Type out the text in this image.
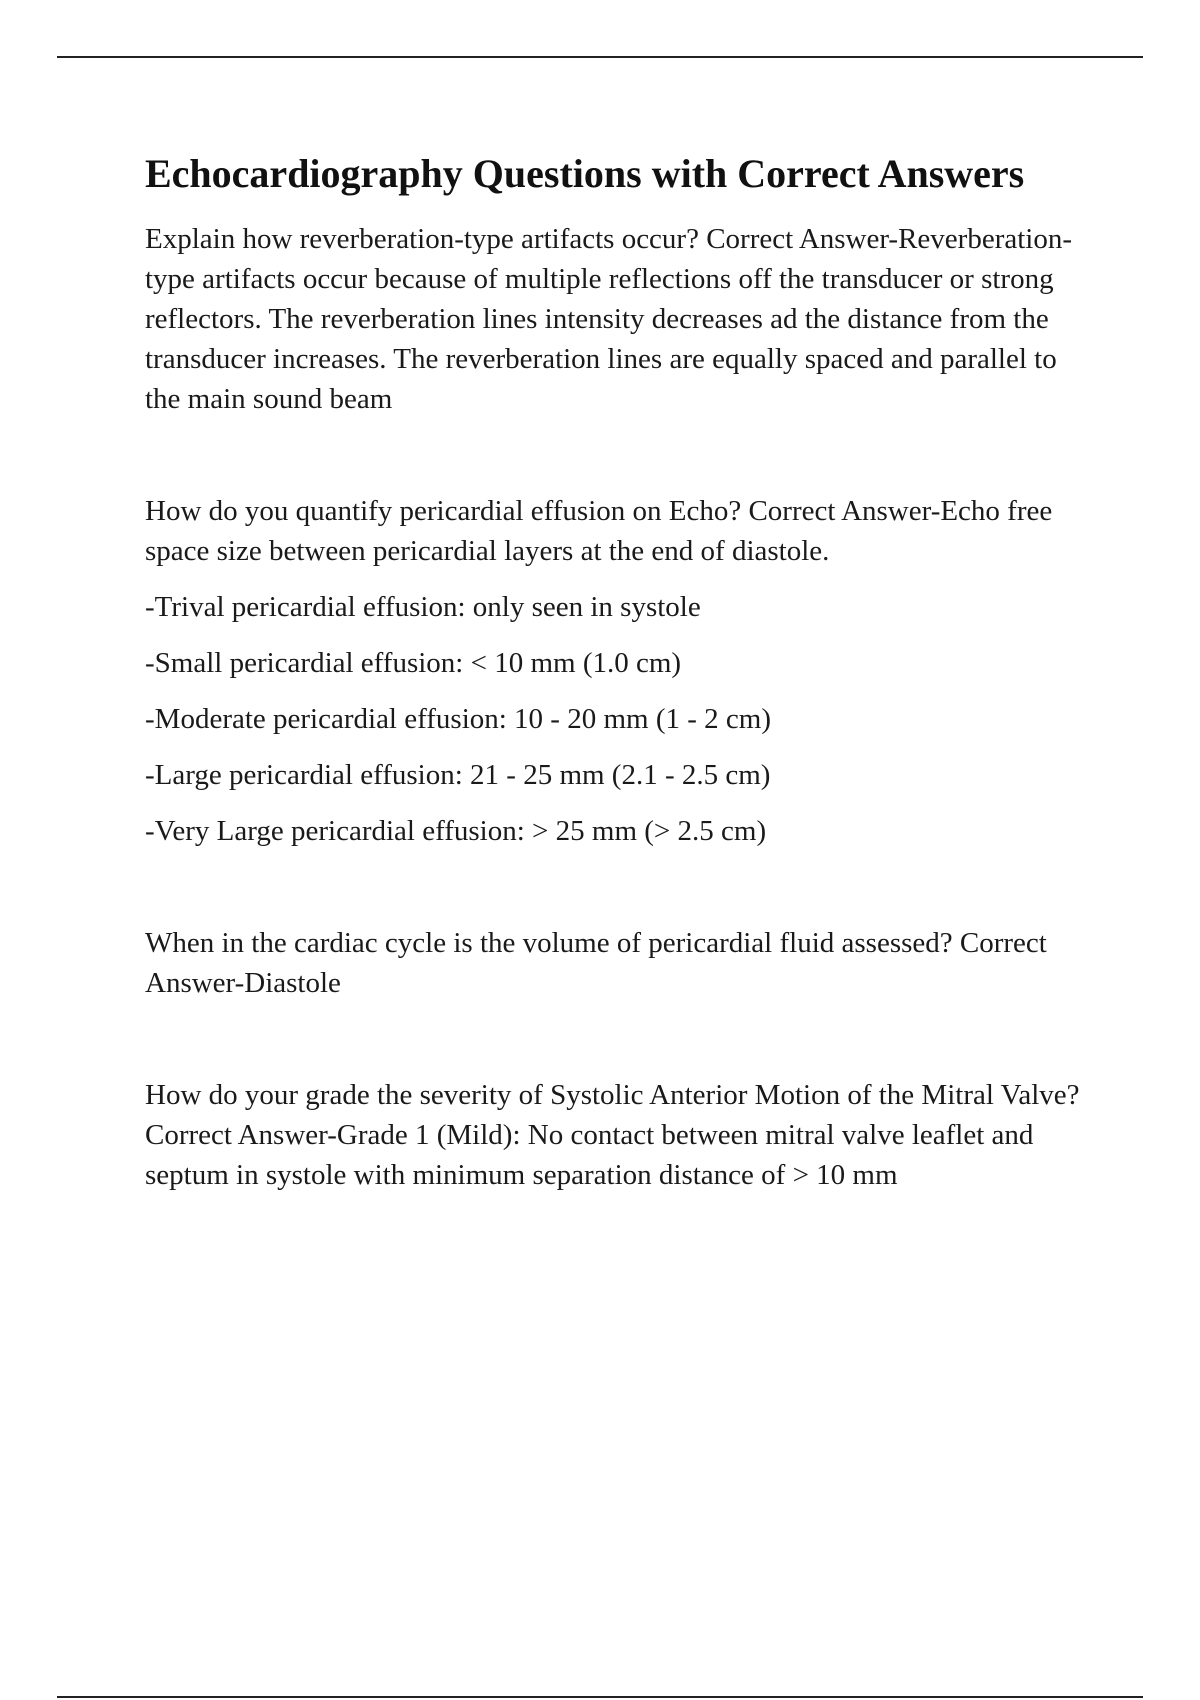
Echocardiography Questions with Correct Answers

Explain how reverberation-type artifacts occur? Correct Answer-Reverberation-type artifacts occur because of multiple reflections off the transducer or strong reflectors. The reverberation lines intensity decreases ad the distance from the transducer increases. The reverberation lines are equally spaced and parallel to the main sound beam

How do you quantify pericardial effusion on Echo? Correct Answer-Echo free space size between pericardial layers at the end of diastole.

-Trival pericardial effusion: only seen in systole

-Small pericardial effusion: < 10 mm (1.0 cm)

-Moderate pericardial effusion: 10 - 20 mm (1 - 2 cm)

-Large pericardial effusion: 21 - 25 mm (2.1 - 2.5 cm)

-Very Large pericardial effusion: > 25 mm (> 2.5 cm)

When in the cardiac cycle is the volume of pericardial fluid assessed? Correct Answer-Diastole

How do your grade the severity of Systolic Anterior Motion of the Mitral Valve? Correct Answer-Grade 1 (Mild): No contact between mitral valve leaflet and septum in systole with minimum separation distance of > 10 mm
